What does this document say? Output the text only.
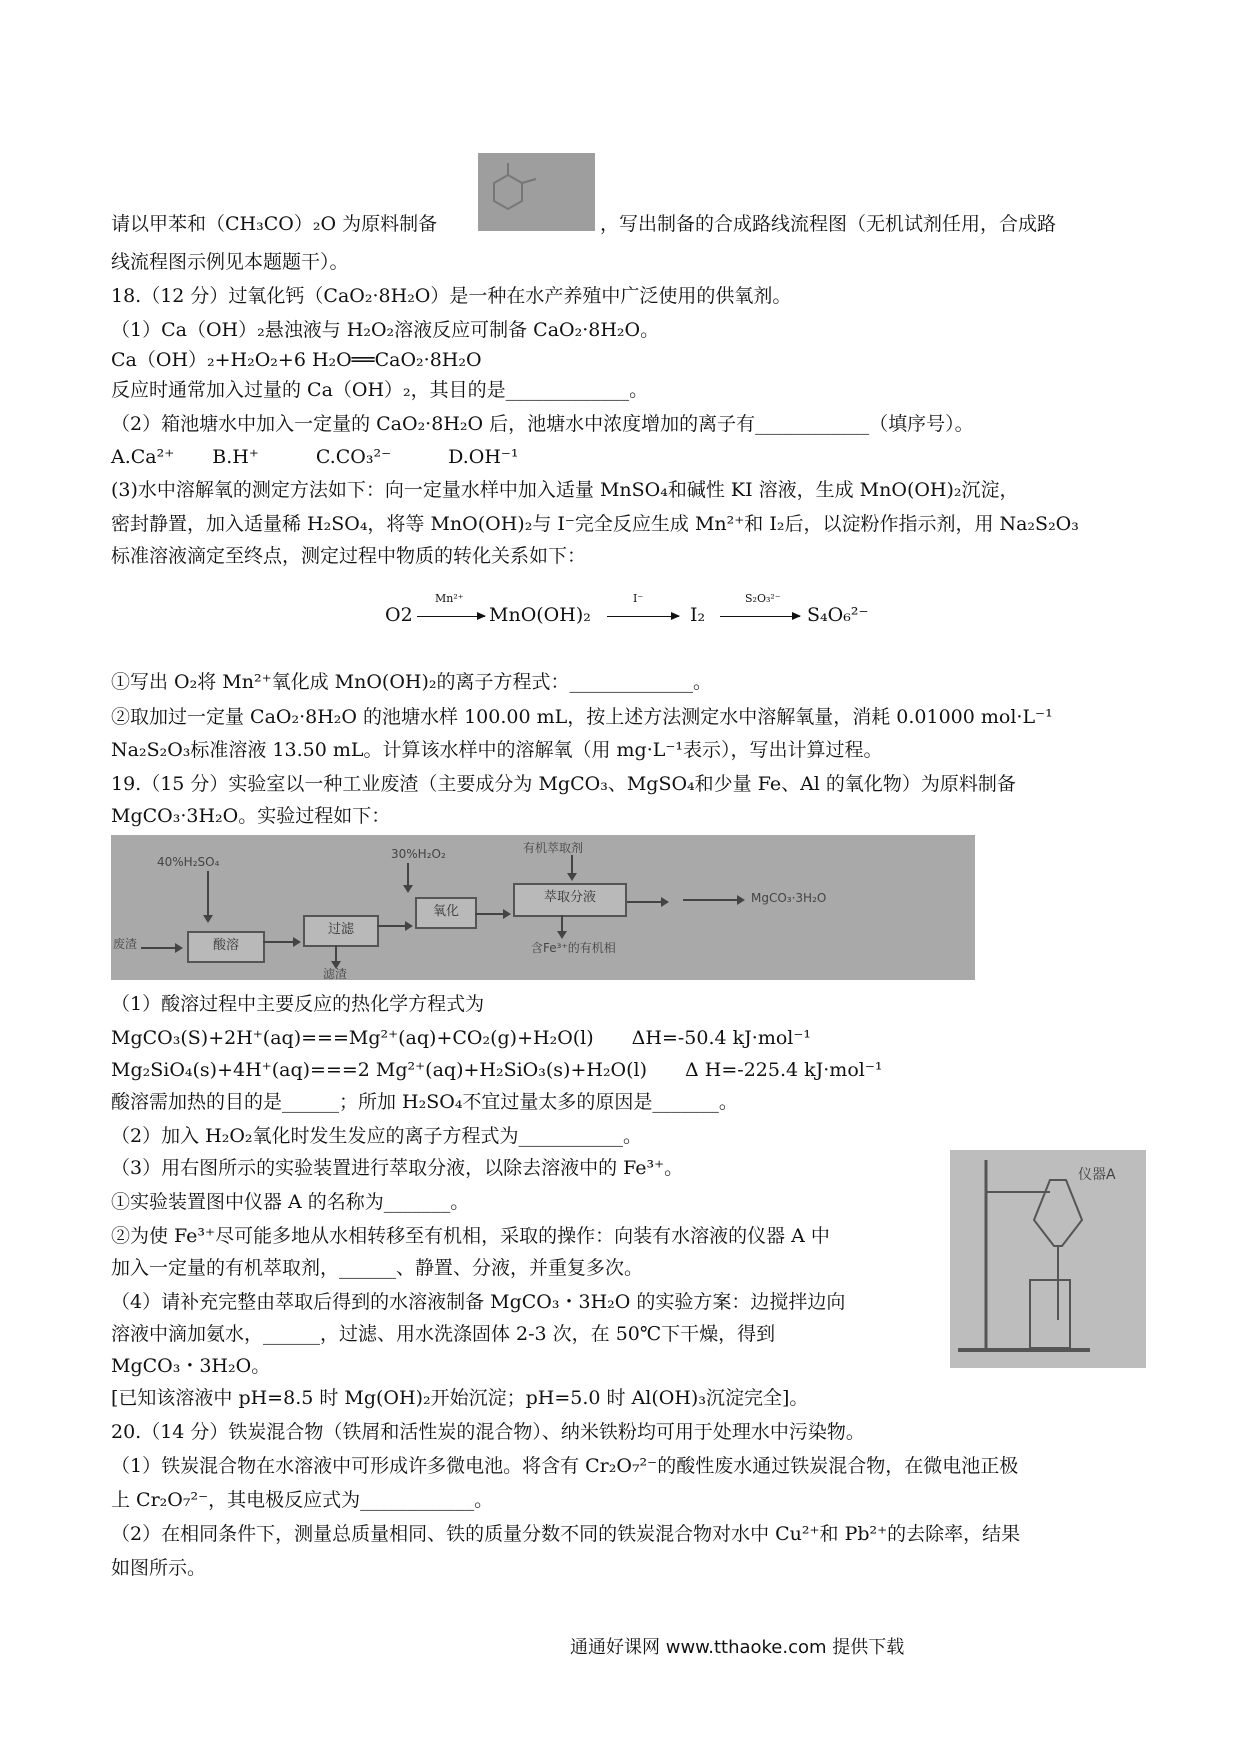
请以甲苯和（CH₃CO）₂O 为原料制备	，写出制备的合成路线流程图（无机试剂任用，合成路
线流程图示例见本题题干）。
18.（12 分）过氧化钙（CaO₂·8H₂O）是一种在水产养殖中广泛使用的供氧剂。
（1）Ca（OH）₂悬浊液与 H₂O₂溶液反应可制备 CaO₂·8H₂O。
Ca（OH）₂+H₂O₂+6 H₂O══CaO₂·8H₂O
反应时通常加入过量的 Ca（OH）₂，其目的是_____________。
（2）箱池塘水中加入一定量的 CaO₂·8H₂O 后，池塘水中浓度增加的离子有____________（填序号）。
A.Ca²⁺　　B.H⁺　　　C.CO₃²⁻　　　D.OH⁻¹
(3)水中溶解氧的测定方法如下：向一定量水样中加入适量 MnSO₄和碱性 KI 溶液，生成 MnO(OH)₂沉淀，
密封静置，加入适量稀 H₂SO₄，将等 MnO(OH)₂与 I⁻完全反应生成 Mn²⁺和 I₂后，以淀粉作指示剂，用 Na₂S₂O₃
标准溶液滴定至终点，测定过程中物质的转化关系如下：
O2
Mn²⁺
MnO(OH)₂
I⁻
I₂
S₂O₃²⁻
S₄O₆²⁻
①写出 O₂将 Mn²⁺氧化成 MnO(OH)₂的离子方程式：_____________。
②取加过一定量 CaO₂·8H₂O 的池塘水样 100.00 mL，按上述方法测定水中溶解氧量，消耗 0.01000 mol·L⁻¹
Na₂S₂O₃标准溶液 13.50 mL。计算该水样中的溶解氧（用 mg·L⁻¹表示），写出计算过程。
19.（15 分）实验室以一种工业废渣（主要成分为 MgCO₃、MgSO₄和少量 Fe、Al 的氧化物）为原料制备
MgCO₃·3H₂O。实验过程如下：
40%H₂SO₄
30%H₂O₂	有机萃取剂
废渣	酸溶
过滤
滤渣
氧化
萃取分液
含Fe³⁺的有机相
MgCO₃·3H₂O
（1）酸溶过程中主要反应的热化学方程式为
MgCO₃(S)+2H⁺(aq)===Mg²⁺(aq)+CO₂(g)+H₂O(l)　　ΔH=-50.4 kJ·mol⁻¹
Mg₂SiO₄(s)+4H⁺(aq)===2 Mg²⁺(aq)+H₂SiO₃(s)+H₂O(l)　　Δ H=-225.4 kJ·mol⁻¹
酸溶需加热的目的是______；所加 H₂SO₄不宜过量太多的原因是_______。
（2）加入 H₂O₂氧化时发生发应的离子方程式为___________。
（3）用右图所示的实验装置进行萃取分液，以除去溶液中的 Fe³⁺。
①实验装置图中仪器 A 的名称为_______。
②为使 Fe³⁺尽可能多地从水相转移至有机相，采取的操作：向装有水溶液的仪器 A 中
加入一定量的有机萃取剂，______、静置、分液，并重复多次。
（4）请补充完整由萃取后得到的水溶液制备 MgCO₃・3H₂O 的实验方案：边搅拌边向
溶液中滴加氨水，______，过滤、用水洗涤固体 2-3 次，在 50℃下干燥，得到
MgCO₃・3H₂O。
[已知该溶液中 pH=8.5 时 Mg(OH)₂开始沉淀；pH=5.0 时 Al(OH)₃沉淀完全]。
仪器A
20.（14 分）铁炭混合物（铁屑和活性炭的混合物）、纳米铁粉均可用于处理水中污染物。
（1）铁炭混合物在水溶液中可形成许多微电池。将含有 Cr₂O₇²⁻的酸性废水通过铁炭混合物，在微电池正极
上 Cr₂O₇²⁻，其电极反应式为____________。
（2）在相同条件下，测量总质量相同、铁的质量分数不同的铁炭混合物对水中 Cu²⁺和 Pb²⁺的去除率，结果
如图所示。
通通好课网 www.tthaoke.com 提供下载
